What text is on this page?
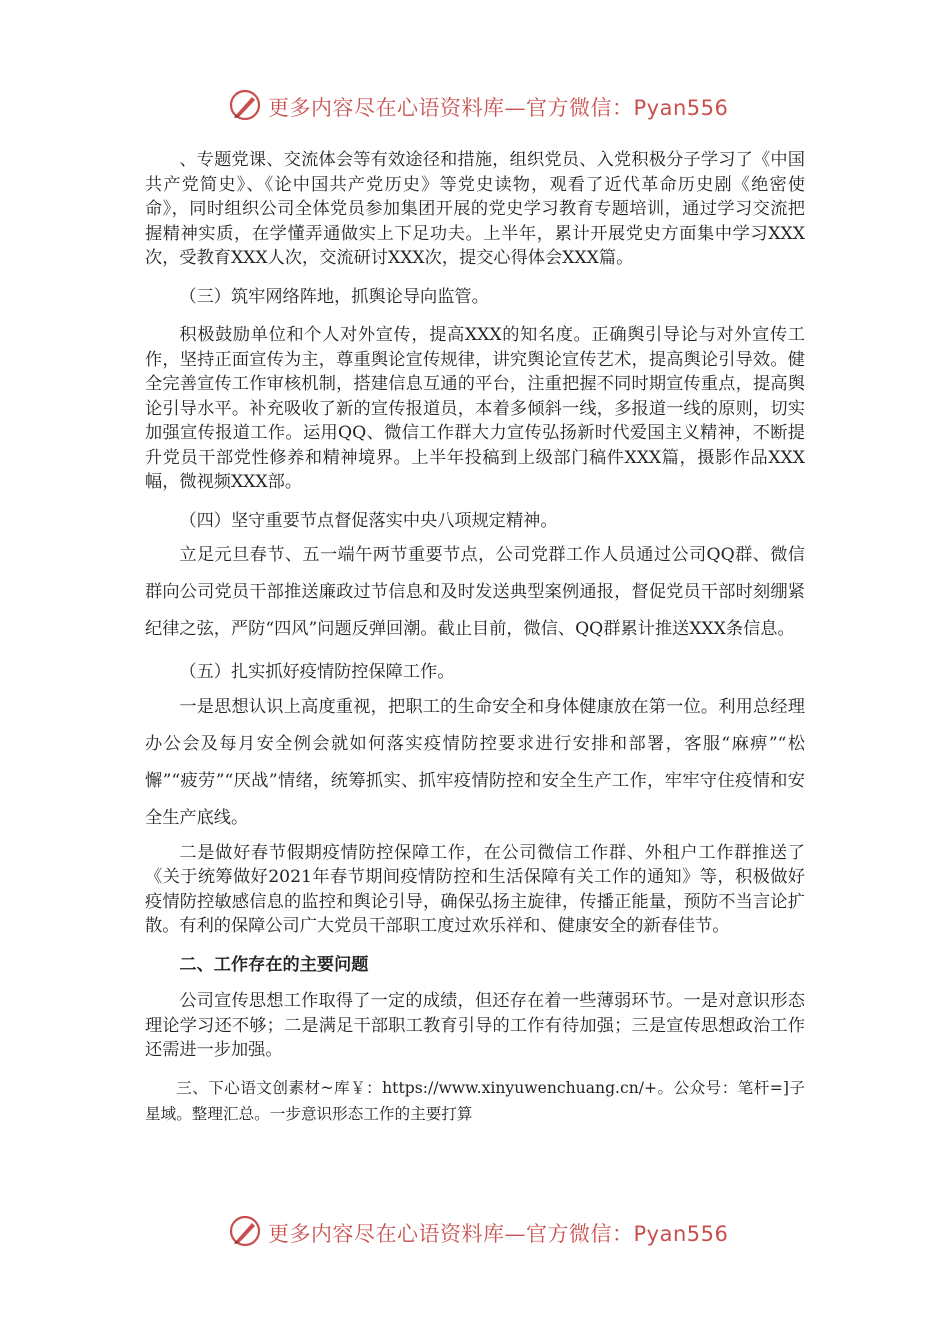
更多内容尽在心语资料库—官方微信：Pyan556

、专题党课、交流体会等有效途径和措施，组织党员、入党积极分子学习了《中国共产党简史》、《论中国共产党历史》等党史读物，观看了近代革命历史剧《绝密使命》，同时组织公司全体党员参加集团开展的党史学习教育专题培训，通过学习交流把握精神实质，在学懂弄通做实上下足功夫。上半年，累计开展党史方面集中学习XXX次，受教育XXX人次，交流研讨XXX次，提交心得体会XXX篇。

（三）筑牢网络阵地，抓舆论导向监管。

积极鼓励单位和个人对外宣传，提高XXX的知名度。正确舆引导论与对外宣传工作，坚持正面宣传为主，尊重舆论宣传规律，讲究舆论宣传艺术，提高舆论引导效。健全完善宣传工作审核机制，搭建信息互通的平台，注重把握不同时期宣传重点，提高舆论引导水平。补充吸收了新的宣传报道员，本着多倾斜一线，多报道一线的原则，切实加强宣传报道工作。运用QQ、微信工作群大力宣传弘扬新时代爱国主义精神，不断提升党员干部党性修养和精神境界。上半年投稿到上级部门稿件XXX篇，摄影作品XXX幅，微视频XXX部。

（四）坚守重要节点督促落实中央八项规定精神。

立足元旦春节、五一端午两节重要节点，公司党群工作人员通过公司QQ群、微信群向公司党员干部推送廉政过节信息和及时发送典型案例通报，督促党员干部时刻绷紧纪律之弦，严防“四风”问题反弹回潮。截止目前，微信、QQ群累计推送XXX条信息。

（五）扎实抓好疫情防控保障工作。

一是思想认识上高度重视，把职工的生命安全和身体健康放在第一位。利用总经理办公会及每月安全例会就如何落实疫情防控要求进行安排和部署，客服“麻痹”“松懈”“疲劳”“厌战”情绪，统筹抓实、抓牢疫情防控和安全生产工作，牢牢守住疫情和安全生产底线。

二是做好春节假期疫情防控保障工作，在公司微信工作群、外租户工作群推送了《关于统筹做好2021年春节期间疫情防控和生活保障有关工作的通知》等，积极做好疫情防控敏感信息的监控和舆论引导，确保弘扬主旋律，传播正能量，预防不当言论扩散。有利的保障公司广大党员干部职工度过欢乐祥和、健康安全的新春佳节。

二、工作存在的主要问题

公司宣传思想工作取得了一定的成绩，但还存在着一些薄弱环节。一是对意识形态理论学习还不够；二是满足干部职工教育引导的工作有待加强；三是宣传思想政治工作还需进一步加强。

三、下心语文创素材~库￥：https://www.xinyuwenchuang.cn/+。公众号：笔杆=]子星域。整理汇总。一步意识形态工作的主要打算

更多内容尽在心语资料库—官方微信：Pyan556
